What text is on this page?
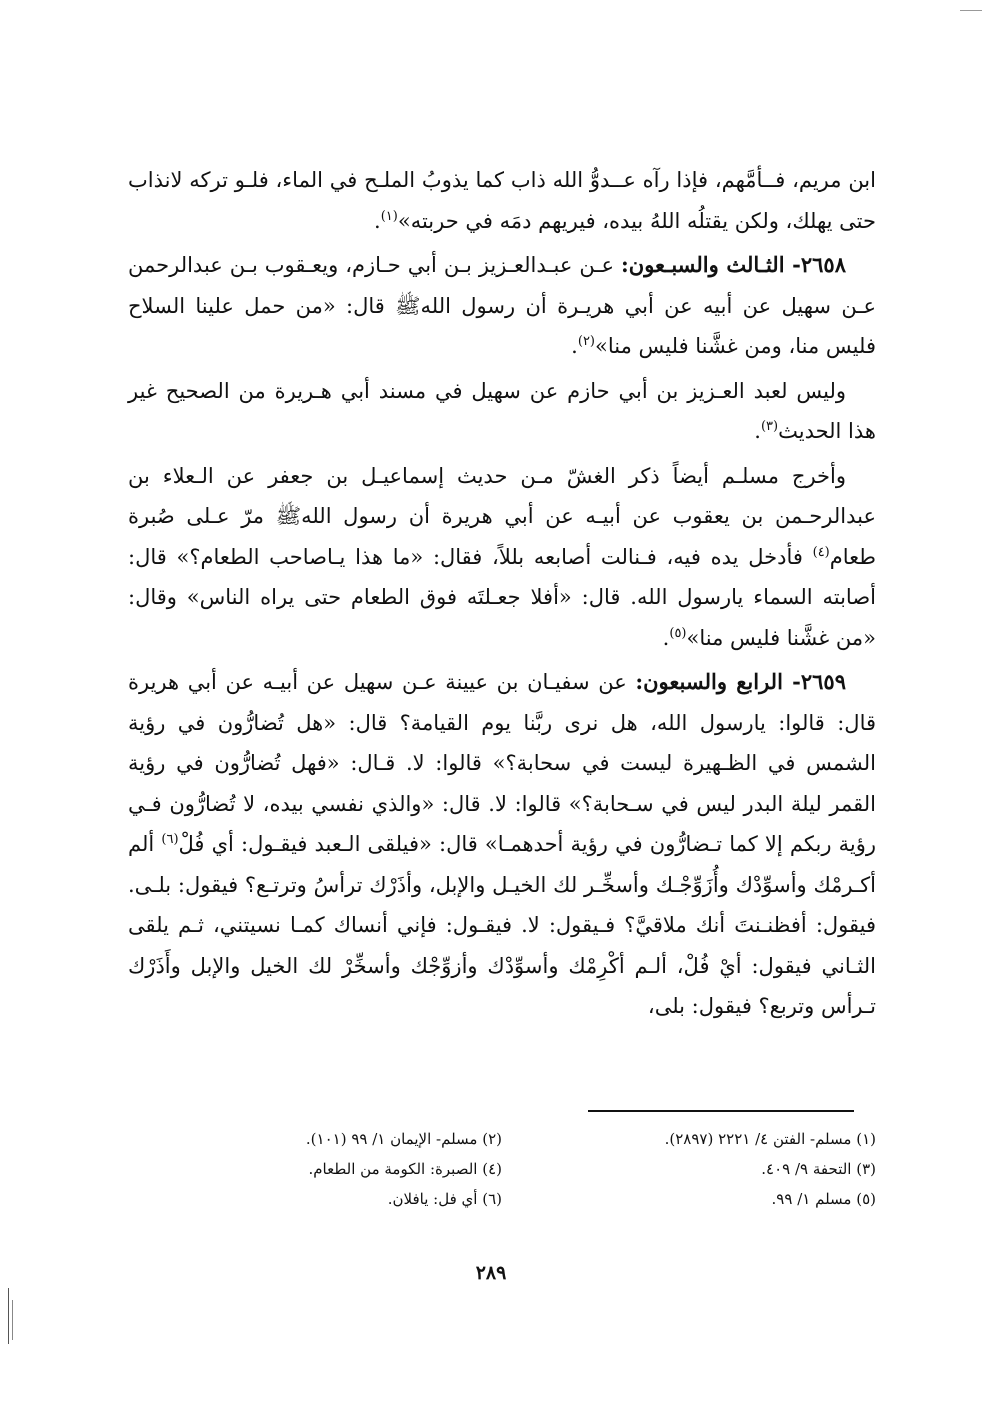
ابن مريم، فــأمَّهم، فإذا رآه عــدوُّ الله ذاب كما يذوبُ الملـح في الماء، فلـو تركه لانذاب حتى يهلك، ولكن يقتلُه اللهُ بيده، فيريهم دمَه في حربته»$^{(١)}$.

٢٦٥٨- الثـالث والسبـعون: عـن عبـدالعـزيز بـن أبي حـازم، ويعـقوب بـن عبدالرحمن عـن سهيل عن أبيه عن أبي هريـرة أن رسول اللهﷺ قال: «من حمل علينا السلاح فليس منا، ومن غشَّنا فليس منا»$^{(٢)}$.

وليس لعبد العـزيز بن أبي حازم عن سهيل في مسند أبي هـريرة من الصحيح غير هذا الحديث$^{(٣)}$.

وأخرج مسلـم أيضاً ذكر الغشّ مـن حديث إسماعيـل بن جعفر عن الـعلاء بن عبدالرحـمن بن يعقوب عن أبيـه عن أبي هريرة أن رسول اللهﷺ مرّ عـلى صُبرة طعام$^{(٤)}$ فأدخل يده فيه، فـنالت أصابعه بللاً، فقال: «ما هذا يـاصاحب الطعام؟» قال: أصابته السماء يارسول الله. قال: «أفلا جعـلتَه فوق الطعام حتى يراه الناس» وقال: «من غشَّنا فليس منا»$^{(٥)}$.

٢٦٥٩- الرابع والسبعون: عن سفيـان بن عيينة عـن سهيل عن أبيـه عن أبي هريرة قال: قالوا: يارسول الله، هل نرى ربَّنا يوم القيامة؟ قال: «هل تُضارُّون في رؤية الشمس في الظـهيرة ليست في سحابة؟» قالوا: لا. قـال: «فهل تُضارُّون في رؤية القمر ليلة البدر ليس في سـحابة؟» قالوا: لا. قال: «والذي نفسي بيده، لا تُضارُّون فـي رؤية ربكم إلا كما تـضارُّون في رؤية أحدهمـا» قال: «فيلقى الـعبد فيقـول: أي فُلْ$^{(٦)}$ ألم أكـرمْك وأسوِّدْك وأُزَوِّجْـك وأسخِّـر لك الخيـل والإبل، وأذَرْك ترأسُ وترتـع؟ فيقول: بلـى. فيقول: أفظنـنتَ أنك ملاقيَّ؟ فـيقول: لا. فيقـول: فإني أنساك كمـا نسيتني، ثـم يلقى الثـاني فيقول: أيْ فُلْ، ألـم أكْرِمْك وأسوِّدْك وأزوِّجْك وأسخِّرْ لك الخيل والإبل وأَذَرْك تـرأس وتربع؟ فيقول: بلى،

(١) مسلم- الفتن ٤/ ٢٢٢١ (٢٨٩٧).
(٢) مسلم- الإيمان ١/ ٩٩ (١٠١).
(٣) التحفة ٩/ ٤٠٩.
(٤) الصبرة: الكومة من الطعام.
(٥) مسلم ١/ ٩٩.
(٦) أي فل: يافلان.
٢٨٩
